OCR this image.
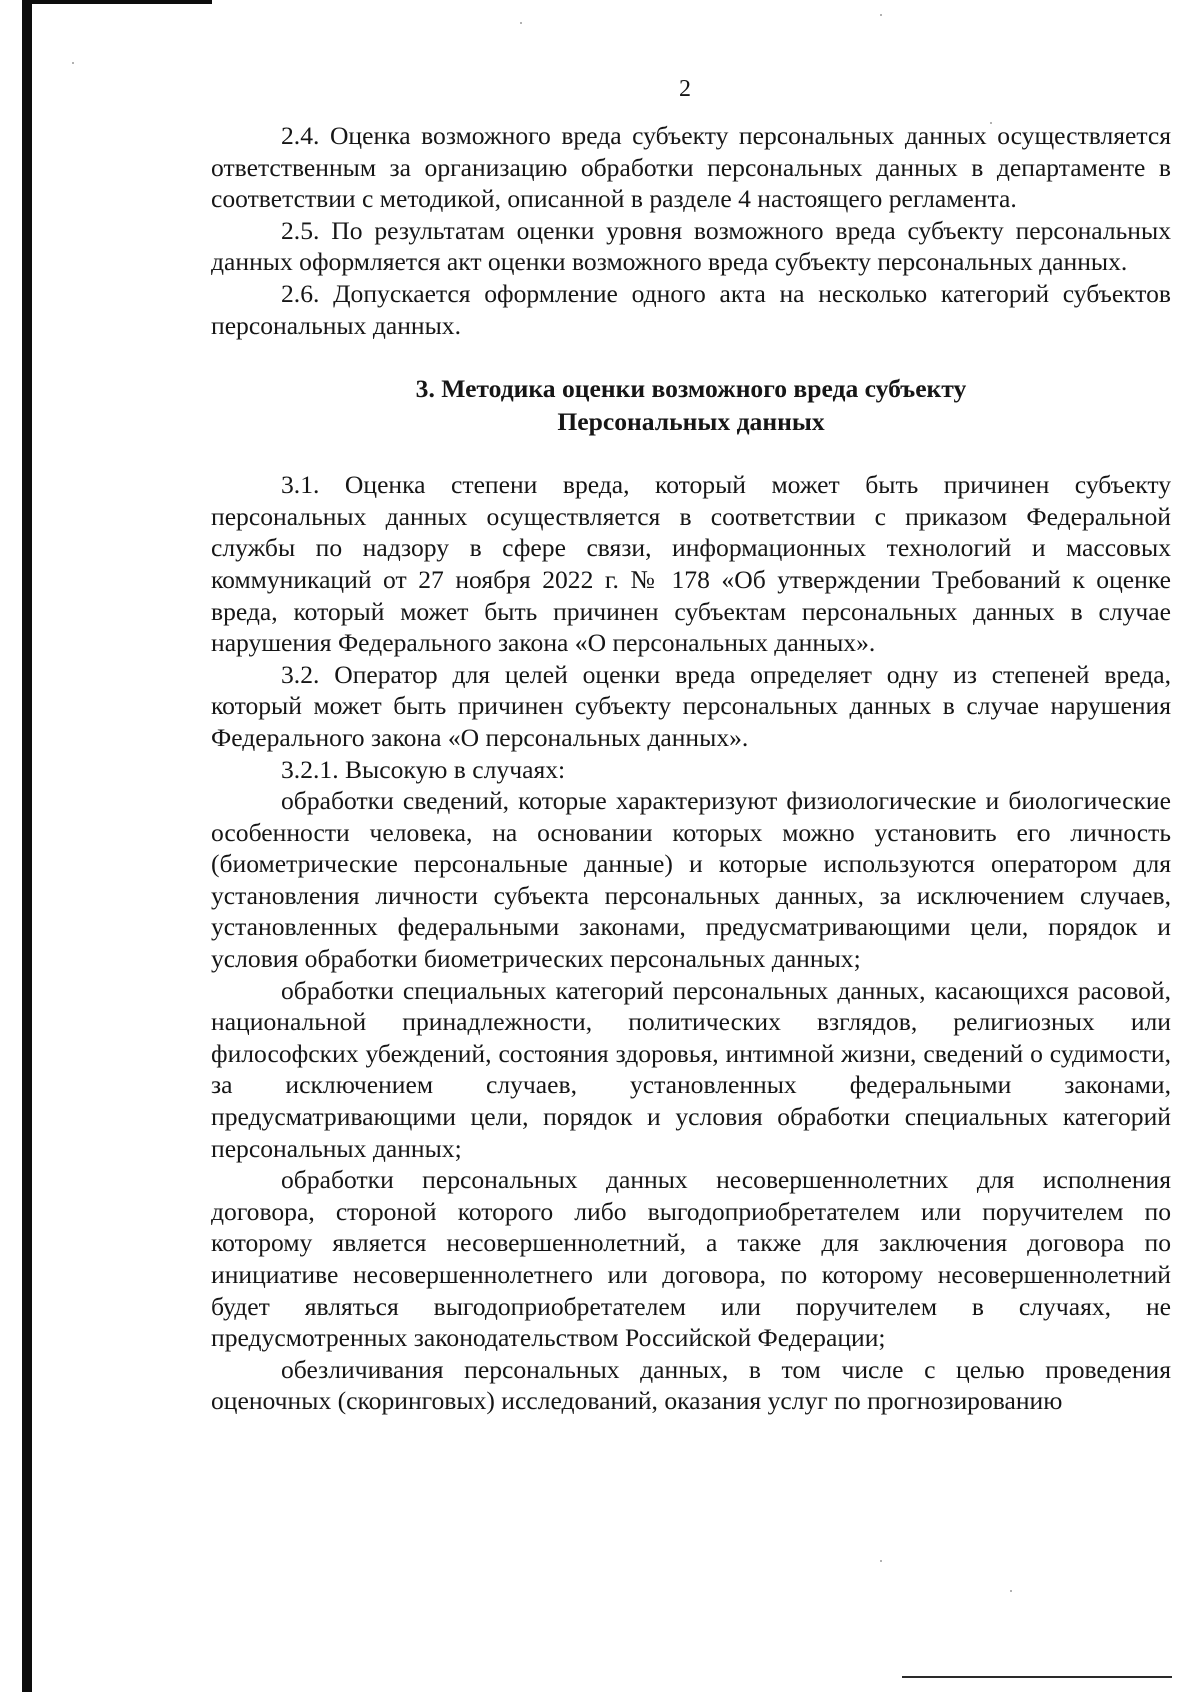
2

2.4. Оценка возможного вреда субъекту персональных данных осуществляется ответственным за организацию обработки персональных данных в департаменте в соответствии с методикой, описанной в разделе 4 настоящего регламента.

2.5. По результатам оценки уровня возможного вреда субъекту персональных данных оформляется акт оценки возможного вреда субъекту персональных данных.

2.6. Допускается оформление одного акта на несколько категорий субъектов персональных данных.

3. Методика оценки возможного вреда субъекту
Персональных данных

3.1. Оценка степени вреда, который может быть причинен субъекту персональных данных осуществляется в соответствии с приказом Федеральной службы по надзору в сфере связи, информационных технологий и массовых коммуникаций от 27 ноября 2022 г. № 178 «Об утверждении Требований к оценке вреда, который может быть причинен субъектам персональных данных в случае нарушения Федерального закона «О персональных данных».

3.2. Оператор для целей оценки вреда определяет одну из степеней вреда, который может быть причинен субъекту персональных данных в случае нарушения Федерального закона «О персональных данных».

3.2.1. Высокую в случаях:

обработки сведений, которые характеризуют физиологические и биологические особенности человека, на основании которых можно установить его личность (биометрические персональные данные) и которые используются оператором для установления личности субъекта персональных данных, за исключением случаев, установленных федеральными законами, предусматривающими цели, порядок и условия обработки биометрических персональных данных;

обработки специальных категорий персональных данных, касающихся расовой, национальной принадлежности, политических взглядов, религиозных или философских убеждений, состояния здоровья, интимной жизни, сведений о судимости, за исключением случаев, установленных федеральными законами, предусматривающими цели, порядок и условия обработки специальных категорий персональных данных;

обработки персональных данных несовершеннолетних для исполнения договора, стороной которого либо выгодоприобретателем или поручителем по которому является несовершеннолетний, а также для заключения договора по инициативе несовершеннолетнего или договора, по которому несовершеннолетний будет являться выгодоприобретателем или поручителем в случаях, не предусмотренных законодательством Российской Федерации;

обезличивания персональных данных, в том числе с целью проведения оценочных (скоринговых) исследований, оказания услуг по прогнозированию
